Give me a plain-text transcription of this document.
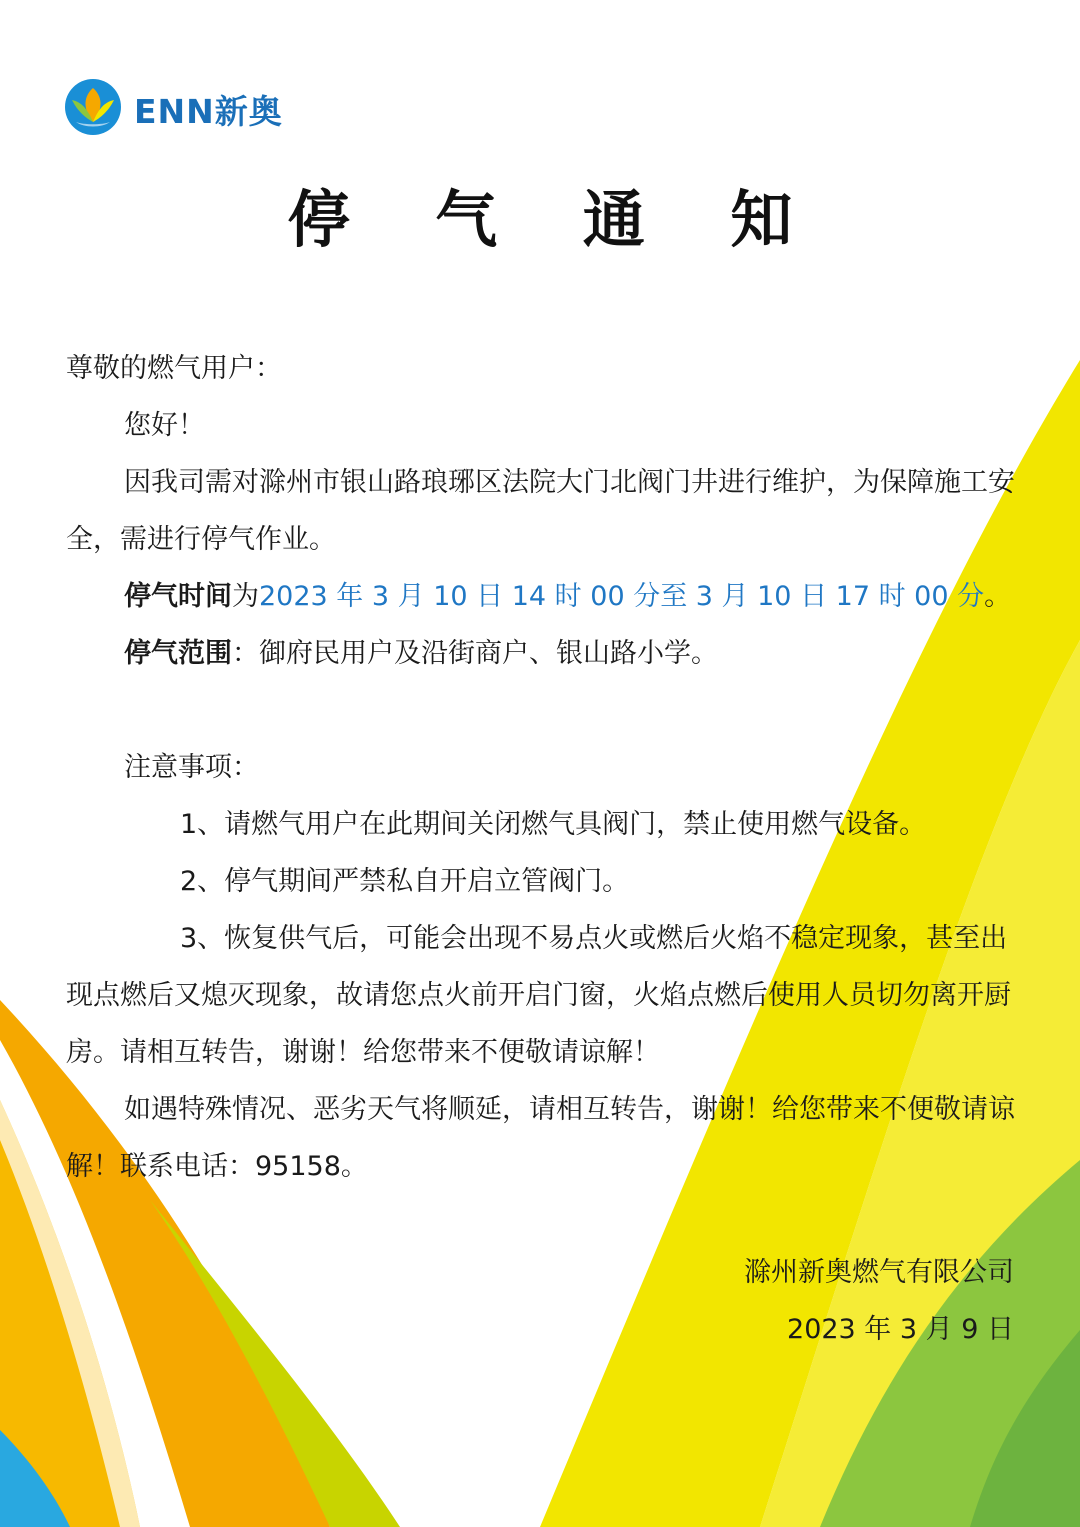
ENN新奥
停 气 通 知

尊敬的燃气用户：

您好！

因我司需对滁州市银山路琅琊区法院大门北阀门井进行维护，为保障施工安全，需进行停气作业。

停气时间为2023 年 3 月 10 日 14 时 00 分至 3 月 10 日 17 时 00 分。

停气范围：御府民用户及沿街商户、银山路小学。

注意事项：

1、请燃气用户在此期间关闭燃气具阀门，禁止使用燃气设备。

2、停气期间严禁私自开启立管阀门。

3、恢复供气后，可能会出现不易点火或燃后火焰不稳定现象，甚至出现点燃后又熄灭现象，故请您点火前开启门窗，火焰点燃后使用人员切勿离开厨房。请相互转告，谢谢！给您带来不便敬请谅解！

如遇特殊情况、恶劣天气将顺延，请相互转告，谢谢！给您带来不便敬请谅解！联系电话：95158。

滁州新奥燃气有限公司
2023 年 3 月 9 日
